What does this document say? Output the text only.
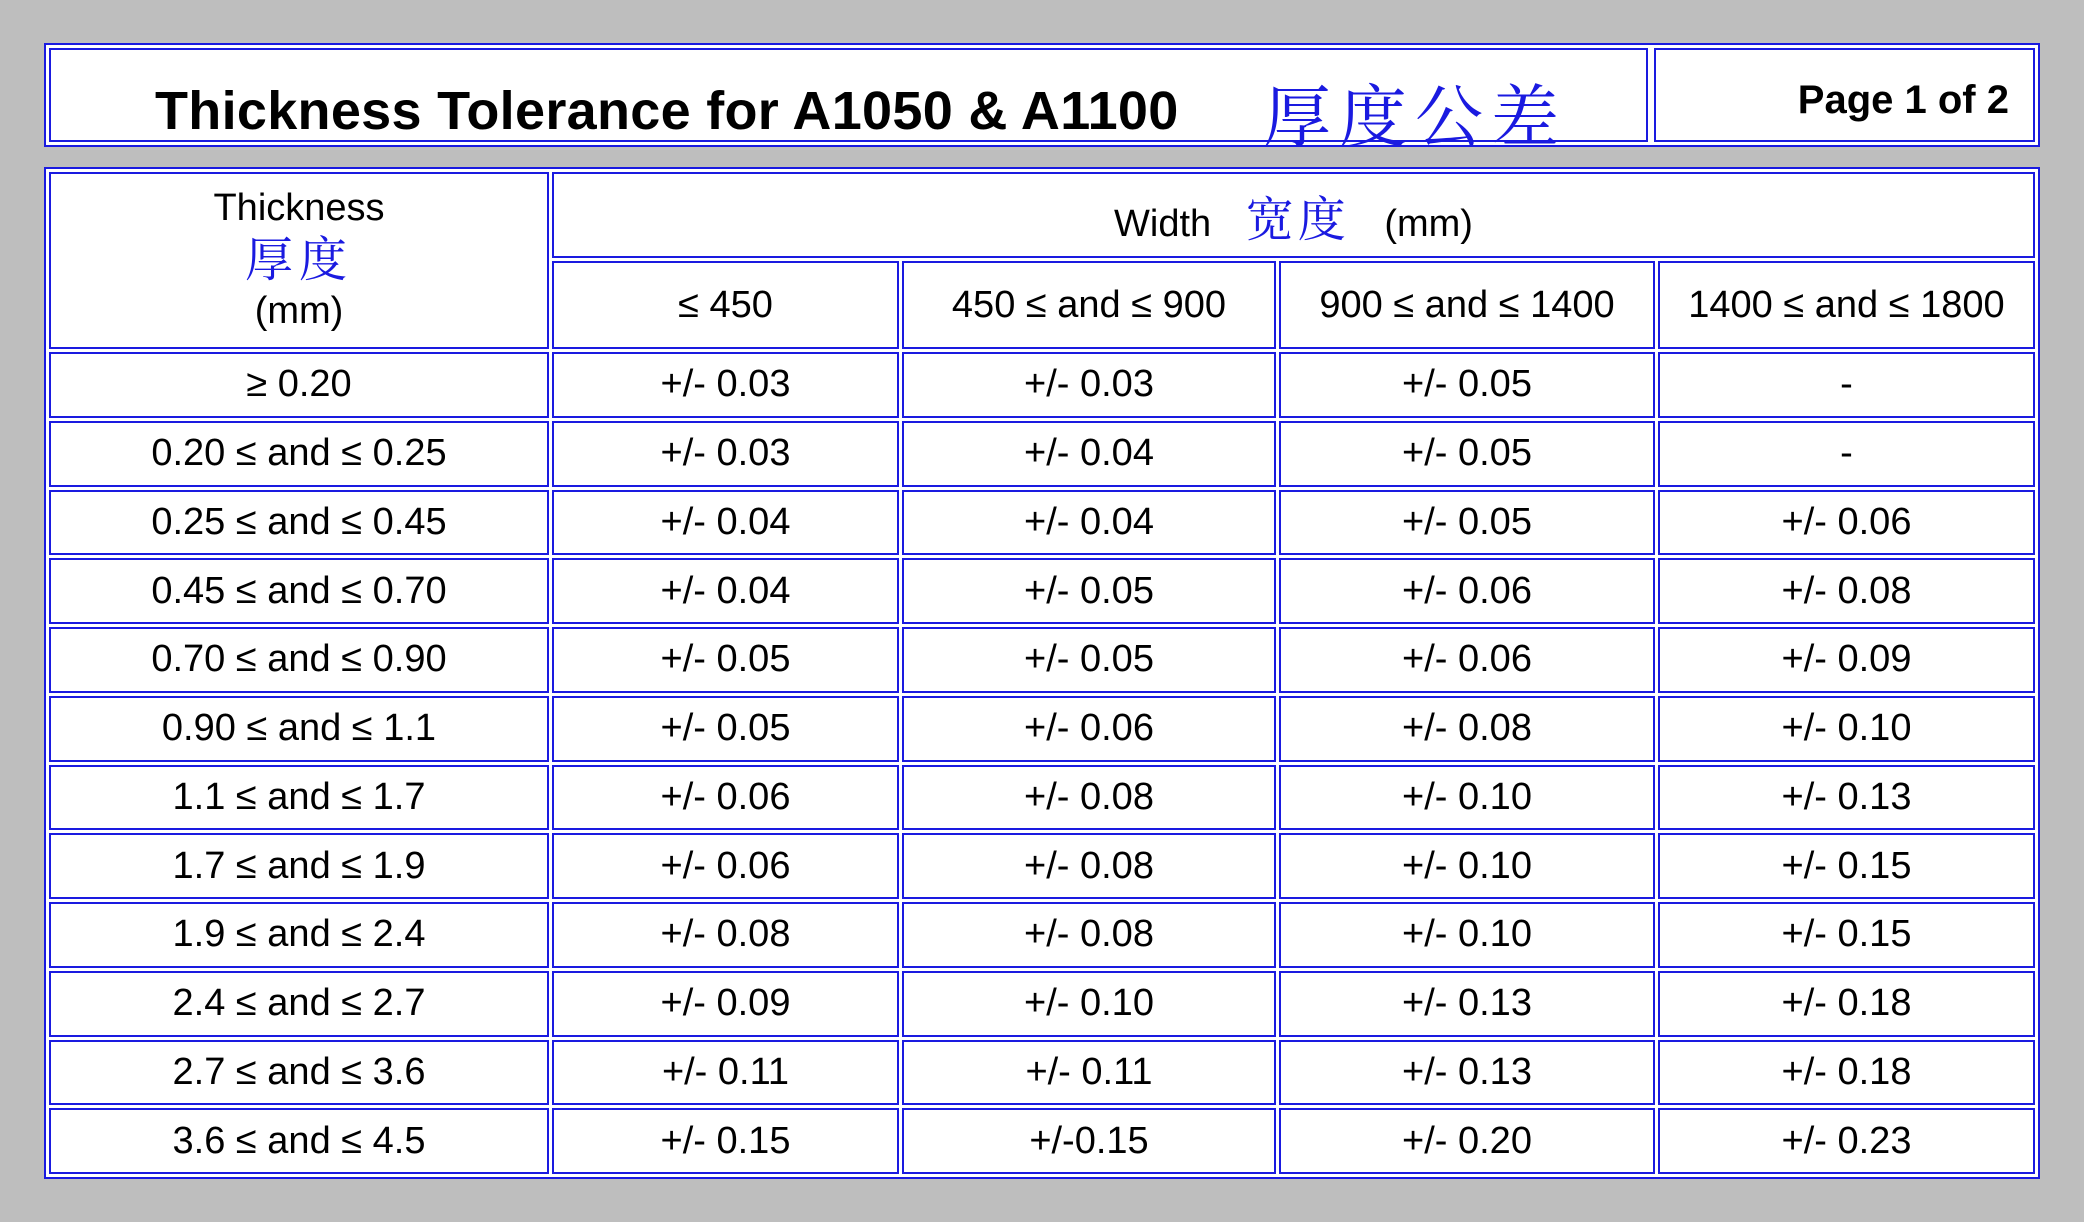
Thickness Tolerance for A1050 & A1100 厚度公差	Page 1 of 2
Thickness
厚度
(mm)	Width 宽度 (mm)			
	≤ 450	450 ≤ and ≤ 900	900 ≤ and ≤ 1400	1400 ≤ and ≤ 1800
≥ 0.20	+/- 0.03	+/- 0.03	+/- 0.05	-
0.20 ≤ and ≤ 0.25	+/- 0.03	+/- 0.04	+/- 0.05	-
0.25 ≤ and ≤ 0.45	+/- 0.04	+/- 0.04	+/- 0.05	+/- 0.06
0.45 ≤ and ≤ 0.70	+/- 0.04	+/- 0.05	+/- 0.06	+/- 0.08
0.70 ≤ and ≤ 0.90	+/- 0.05	+/- 0.05	+/- 0.06	+/- 0.09
0.90 ≤ and ≤ 1.1	+/- 0.05	+/- 0.06	+/- 0.08	+/- 0.10
1.1 ≤ and ≤ 1.7	+/- 0.06	+/- 0.08	+/- 0.10	+/- 0.13
1.7 ≤ and ≤ 1.9	+/- 0.06	+/- 0.08	+/- 0.10	+/- 0.15
1.9 ≤ and ≤ 2.4	+/- 0.08	+/- 0.08	+/- 0.10	+/- 0.15
2.4 ≤ and ≤ 2.7	+/- 0.09	+/- 0.10	+/- 0.13	+/- 0.18
2.7 ≤ and ≤ 3.6	+/- 0.11	+/- 0.11	+/- 0.13	+/- 0.18
3.6 ≤ and ≤ 4.5	+/- 0.15	+/-0.15	+/- 0.20	+/- 0.23
